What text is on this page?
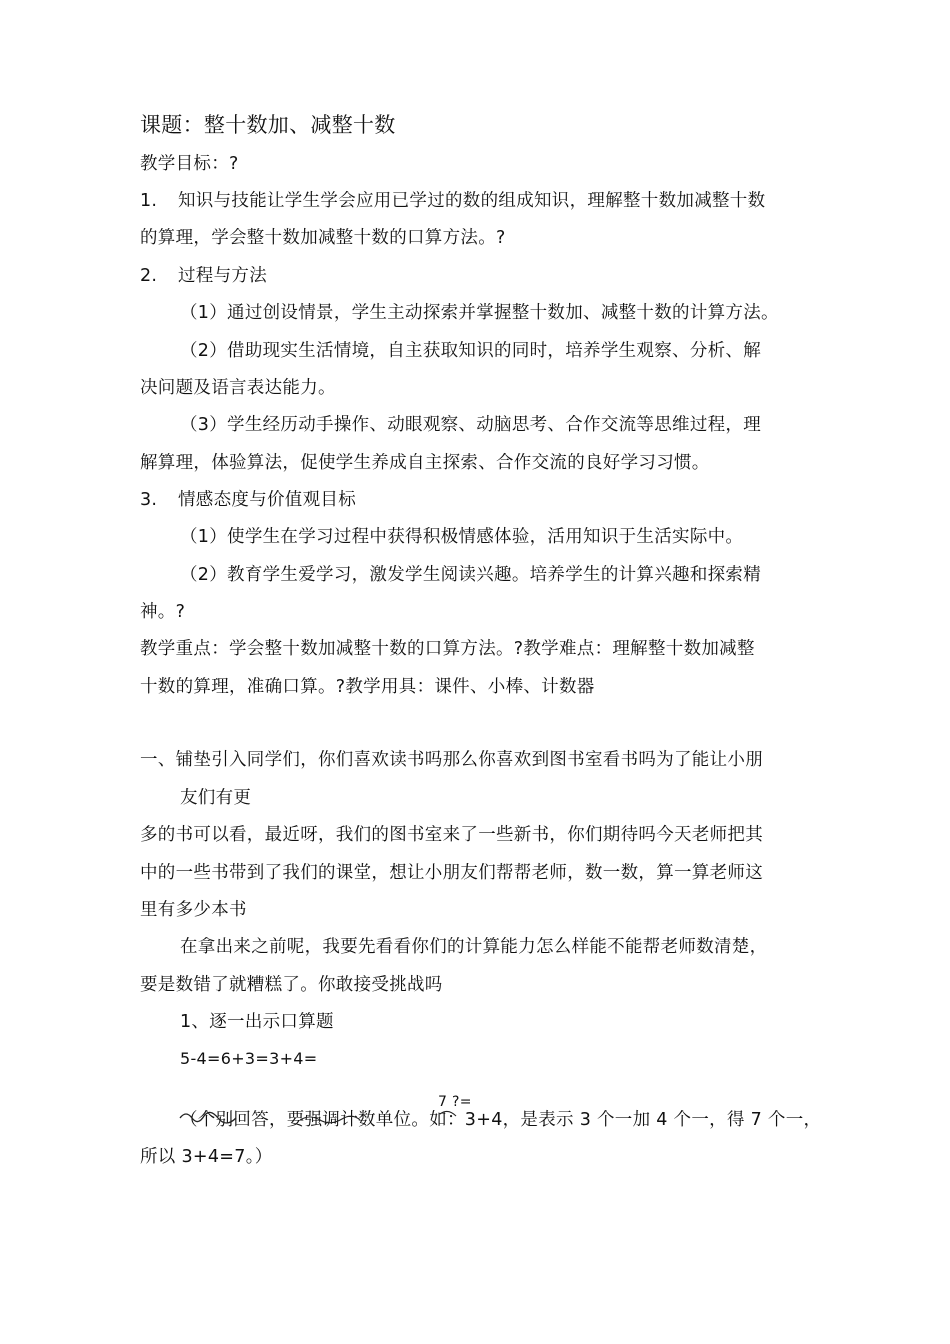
课题：整十数加、减整十数
教学目标：?
1. 知识与技能让学生学会应用已学过的数的组成知识，理解整十数加减整十数
的算理，学会整十数加减整十数的口算方法。?
2. 过程与方法
（1）通过创设情景，学生主动探索并掌握整十数加、减整十数的计算方法。
（2）借助现实生活情境，自主获取知识的同时，培养学生观察、分析、解
决问题及语言表达能力。
（3）学生经历动手操作、动眼观察、动脑思考、合作交流等思维过程，理
解算理，体验算法，促使学生养成自主探索、合作交流的良好学习习惯。
3. 情感态度与价值观目标
（1）使学生在学习过程中获得积极情感体验，活用知识于生活实际中。
（2）教育学生爱学习，激发学生阅读兴趣。培养学生的计算兴趣和探索精
神。?
教学重点：学会整十数加减整十数的口算方法。?教学难点：理解整十数加减整
十数的算理，准确口算。?教学用具：课件、小棒、计数器
一、铺垫引入同学们，你们喜欢读书吗那么你喜欢到图书室看书吗为了能让小朋
友们有更
多的书可以看，最近呀，我们的图书室来了一些新书，你们期待吗今天老师把其
中的一些书带到了我们的课堂，想让小朋友们帮帮老师，数一数，算一算老师这
里有多少本书
在拿出来之前呢，我要先看看你们的计算能力怎么样能不能帮老师数清楚，
要是数错了就糟糕了。你敢接受挑战吗
1、逐一出示口算题
5-4=6+3=3+4=
7 ?=
（个别回答，要强调计数单位。如：3+4，是表示 3 个一加 4 个一，得 7 个一，
所以 3+4=7。）
